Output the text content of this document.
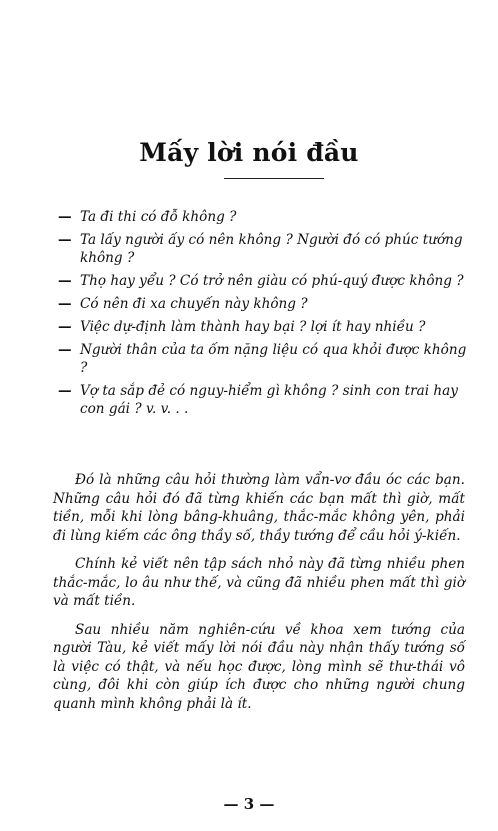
Mấy lời nói đầu
— Ta đi thi có đỗ không ?
— Ta lấy người ấy có nên không ? Người đó có phúc tướng không ?
— Thọ hay yểu ? Có trở nên giàu có phú-quý được không ?
— Có nên đi xa chuyến này không ?
— Việc dự-định làm thành hay bại ? lợi ít hay nhiều ?
— Người thân của ta ốm nặng liệu có qua khỏi được không ?
— Vợ ta sắp đẻ có nguy-hiểm gì không ? sinh con trai hay con gái ? v. v. . .

Đó là những câu hỏi thường làm vẩn-vơ đầu óc các bạn. Những câu hỏi đó đã từng khiến các bạn mất thì giờ, mất tiền, mỗi khi lòng bâng-khuâng, thắc-mắc không yên, phải đi lùng kiếm các ông thầy số, thầy tướng để cầu hỏi ý-kiến.

Chính kẻ viết nên tập sách nhỏ này đã từng nhiều phen thắc-mắc, lo âu như thế, và cũng đã nhiều phen mất thì giờ và mất tiền.

Sau nhiều năm nghiên-cứu về khoa xem tướng của người Tàu, kẻ viết mấy lời nói đầu này nhận thấy tướng số là việc có thật, và nếu học được, lòng mình sẽ thư-thái vô cùng, đôi khi còn giúp ích được cho những người chung quanh mình không phải là ít.

— 3 —
